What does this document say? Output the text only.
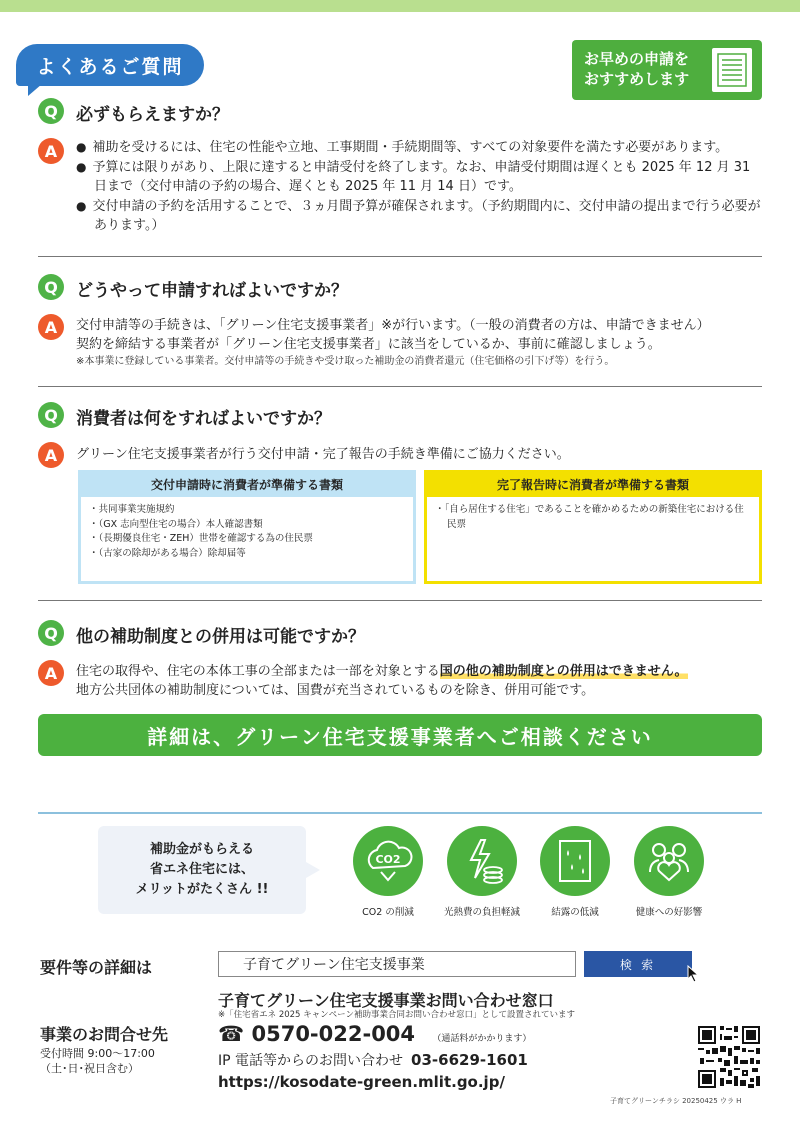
よくあるご質問	お早めの申請を
おすすめします
Q	必ずもらえますか？
A
●	補助を受けるには、住宅の性能や立地、工事期間・手続期間等、すべての対象要件を満たす必要があります。
● 予算には限りがあり、上限に達すると申請受付を終了します。なお、申請受付期間は遅くとも 2025 年 12 月 31 日まで（交付申請の予約の場合、遅くとも 2025 年 11 月 14 日）です。
● 交付申請の予約を活用することで、３ヵ月間予算が確保されます。（予約期間内に、交付申請の提出まで行う必要があります。）
Q	どうやって申請すればよいですか？
A	交付申請等の手続きは、「グリーン住宅支援事業者」※が行います。（一般の消費者の方は、申請できません）
契約を締結する事業者が「グリーン住宅支援事業者」に該当をしているか、事前に確認しましょう。
※本事業に登録している事業者。交付申請等の手続きや受け取った補助金の消費者還元（住宅価格の引下げ等）を行う。
Q	消費者は何をすればよいですか？
A	グリーン住宅支援事業者が行う交付申請・完了報告の手続き準備にご協力ください。
交付申請時に消費者が準備する書類
・ 共同事業実施規約
・ （GX 志向型住宅の場合）本人確認書類
・ （長期優良住宅・ZEH）世帯を確認する為の住民票
・ （古家の除却がある場合）除却届等
完了報告時に消費者が準備する書類
・ 「自ら居住する住宅」であることを確かめるための新築住宅における住民票
Q	他の補助制度との併用は可能ですか？
A	住宅の取得や、住宅の本体工事の全部または一部を対象とする国の他の補助制度との併用はできません。
地方公共団体の補助制度については、国費が充当されているものを除き、併用可能です。
詳細は、グリーン住宅支援事業者へご相談ください
補助金がもらえる
省エネ住宅には、
メリットがたくさん !!
CO2
CO2 の削減	光熱費の負担軽減	結露の低減	健康への好影響
要件等の詳細は
子育てグリーン住宅支援事業	検 索
子育てグリーン住宅支援事業お問い合わせ窓口
※「住宅省エネ 2025 キャンペーン補助事業合同お問い合わせ窓口」として設置されています
事業のお問合せ先
受付時間 9:00～17:00
（土･日･祝日含む）
☎ 0570-022-004 （通話料がかかります）
IP 電話等からのお問い合わせ 03-6629-1601
https://kosodate-green.mlit.go.jp/
子育てグリーンチラシ 20250425 ウラ H
